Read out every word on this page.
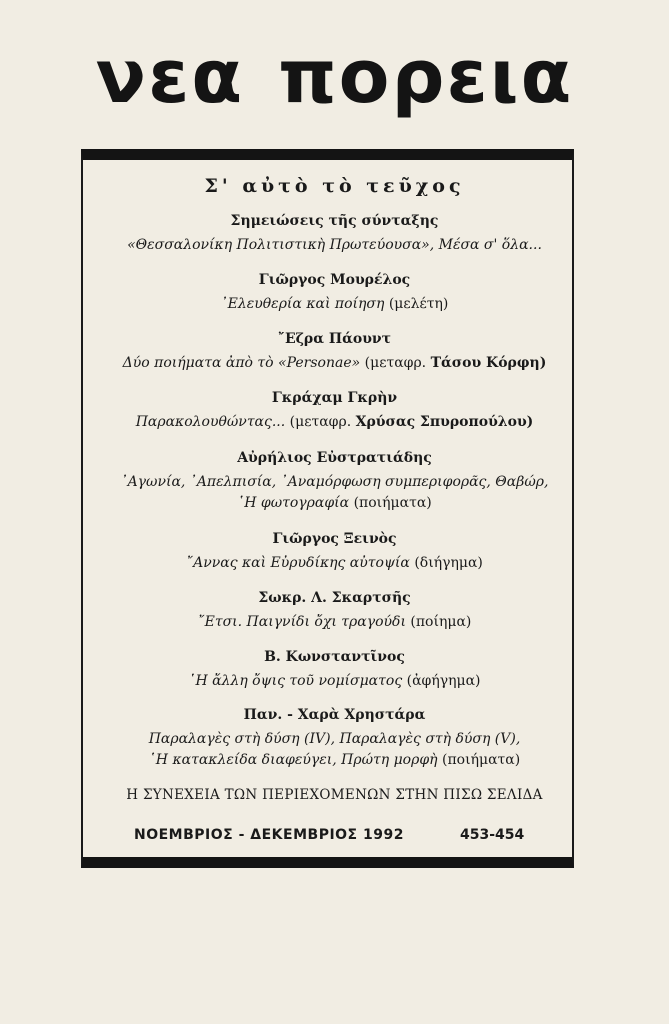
νεα πορεια
Σ' αὐτὸ τὸ τεῦχος
Σημειώσεις τῆς σύνταξης
«Θεσσαλονίκη Πολιτιστικὴ Πρωτεύουσα», Μέσα σ' ὅλα...
Γιῶργος Μουρέλος
᾿Ελευθερία καὶ ποίηση (μελέτη)
῎Εζρα Πάουντ
Δύο ποιήματα ἀπὸ τὸ «Personae» (μεταφρ. Τάσου Κόρφη)
Γκράχαμ Γκρὴν
Παρακολουθώντας... (μεταφρ. Χρύσας Σπυροπούλου)
Αὐρήλιος Εὐστρατιάδης
᾿Αγωνία, ᾿Απελπισία, ᾿Αναμόρφωση συμπεριφορᾶς, Θαβώρ,
῾Η φωτογραφία (ποιήματα)
Γιῶργος Ξεινὸς
῎Αννας καὶ Εὐρυδίκης αὐτοψία (διήγημα)
Σωκρ. Λ. Σκαρτσῆς
῎Ετσι. Παιγνίδι ὄχι τραγούδι (ποίημα)
Β. Κωνσταντῖνος
῾Η ἄλλη ὄψις τοῦ νομίσματος (ἀφήγημα)
Παν. - Χαρὰ Χρηστάρα
Παραλαγὲς στὴ δύση (IV), Παραλαγὲς στὴ δύση (V),
῾Η κατακλείδα διαφεύγει, Πρώτη μορφὴ (ποιήματα)
Η ΣΥΝΕΧΕΙΑ ΤΩΝ ΠΕΡΙΕΧΟΜΕΝΩΝ ΣΤΗΝ ΠΙΣΩ ΣΕΛΙΔΑ
ΝΟΕΜΒΡΙΟΣ - ΔΕΚΕΜΒΡΙΟΣ 1992	453-454
